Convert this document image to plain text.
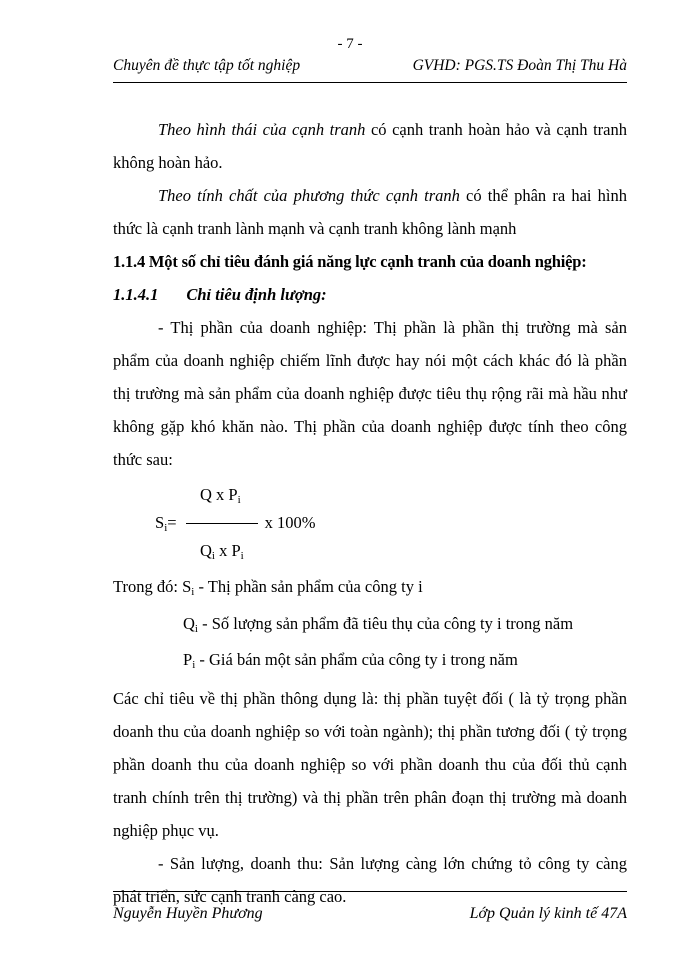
- 7 -
Chuyên đề thực tập tốt nghiệp	GVHD: PGS.TS Đoàn Thị Thu Hà

Theo hình thái của cạnh tranh có cạnh tranh hoàn hảo và cạnh tranh không hoàn hảo.

Theo tính chất của phương thức cạnh tranh có thể phân ra hai hình thức là cạnh tranh lành mạnh và cạnh tranh không lành mạnh

1.1.4 Một số chỉ tiêu đánh giá năng lực cạnh tranh của doanh nghiệp:

1.1.4.1 Chỉ tiêu định lượng:

- Thị phần của doanh nghiệp: Thị phần là phần thị trường mà sản phẩm của doanh nghiệp chiếm lĩnh được hay nói một cách khác đó là phần thị trường mà sản phẩm của doanh nghiệp được tiêu thụ rộng rãi mà hầu như không gặp khó khăn nào. Thị phần của doanh nghiệp được tính theo công thức sau:

Q x $P_i$
$S_i=$	x 100%
$Q_i$ x $P_i$
Trong đó: $S_i$ - Thị phần sản phẩm của công ty i
$Q_i$ - Số lượng sản phẩm đã tiêu thụ của công ty i trong năm
$P_i$ - Giá bán một sản phẩm của công ty i trong năm

Các chỉ tiêu về thị phần thông dụng là: thị phần tuyệt đối ( là tỷ trọng phần doanh thu của doanh nghiệp so với toàn ngành); thị phần tương đối ( tỷ trọng phần doanh thu của doanh nghiệp so với phần doanh thu của đối thủ cạnh tranh chính trên thị trường) và thị phần trên phân đoạn thị trường mà doanh nghiệp phục vụ.

- Sản lượng, doanh thu: Sản lượng càng lớn chứng tỏ công ty càng phát triển, sức cạnh tranh càng cao.

Nguyễn Huyền Phương	Lớp Quản lý kinh tế 47A
